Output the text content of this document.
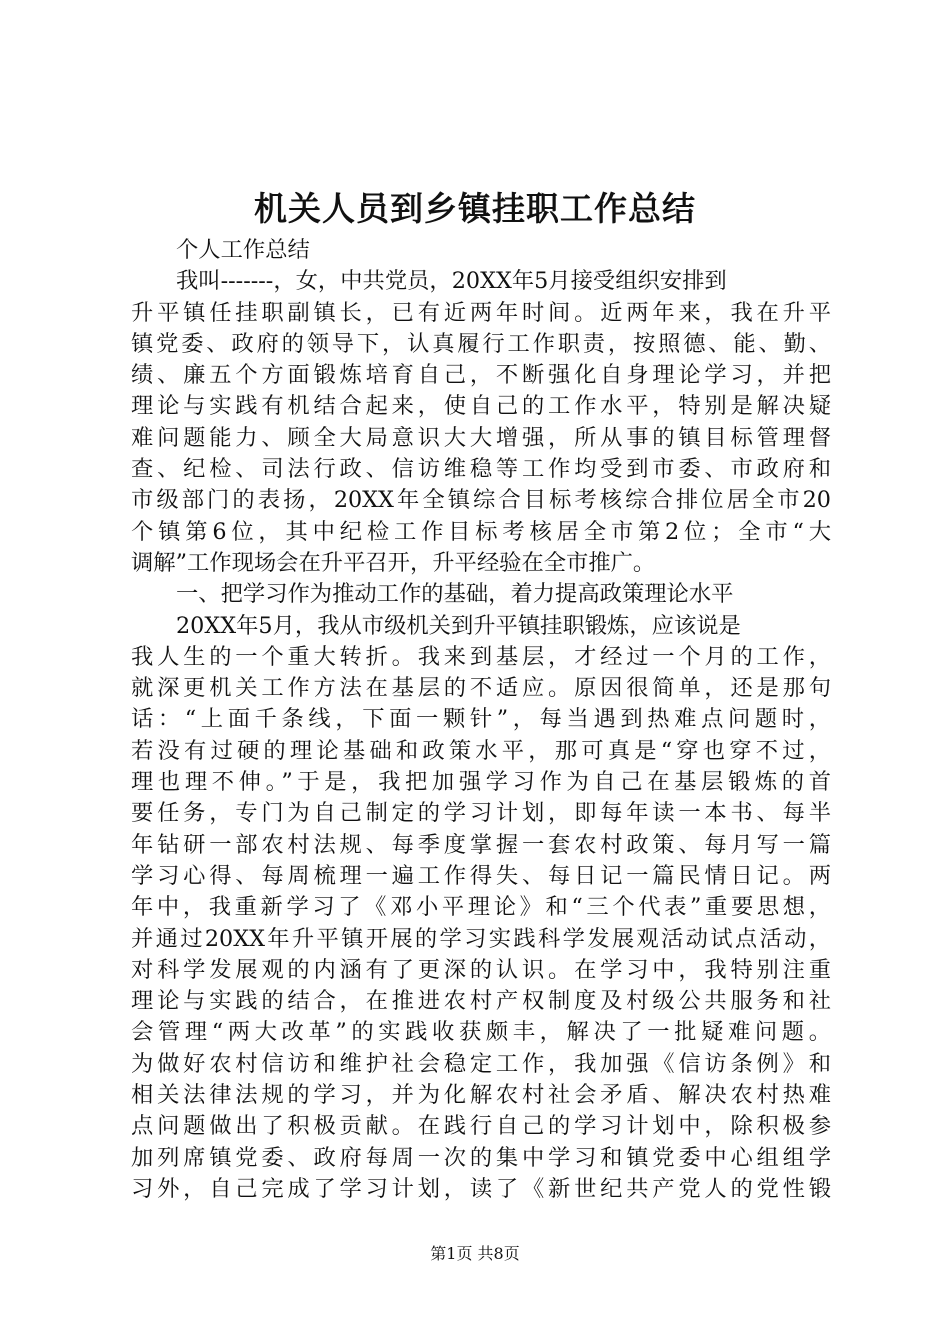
机关人员到乡镇挂职工作总结
个人工作总结
我叫-------，女，中共党员，20XX年5月接受组织安排到
升平镇任挂职副镇长，已有近两年时间。近两年来，我在升平
镇党委、政府的领导下，认真履行工作职责，按照德、能、勤、
绩、廉五个方面锻炼培育自己，不断强化自身理论学习，并把
理论与实践有机结合起来，使自己的工作水平，特别是解决疑
难问题能力、顾全大局意识大大增强，所从事的镇目标管理督
查、纪检、司法行政、信访维稳等工作均受到市委、市政府和
市级部门的表扬，20XX年全镇综合目标考核综合排位居全市20
个镇第6位，其中纪检工作目标考核居全市第2位；全市“大
调解”工作现场会在升平召开，升平经验在全市推广。
一、把学习作为推动工作的基础，着力提高政策理论水平
20XX年5月，我从市级机关到升平镇挂职锻炼，应该说是
我人生的一个重大转折。我来到基层，才经过一个月的工作，
就深更机关工作方法在基层的不适应。原因很简单，还是那句
话：“上面千条线，下面一颗针”，每当遇到热难点问题时，
若没有过硬的理论基础和政策水平，那可真是“穿也穿不过，
理也理不伸。”于是，我把加强学习作为自己在基层锻炼的首
要任务，专门为自己制定的学习计划，即每年读一本书、每半
年钻研一部农村法规、每季度掌握一套农村政策、每月写一篇
学习心得、每周梳理一遍工作得失、每日记一篇民情日记。两
年中，我重新学习了《邓小平理论》和“三个代表”重要思想，
并通过20XX年升平镇开展的学习实践科学发展观活动试点活动，
对科学发展观的内涵有了更深的认识。在学习中，我特别注重
理论与实践的结合，在推进农村产权制度及村级公共服务和社
会管理“两大改革”的实践收获颇丰，解决了一批疑难问题。
为做好农村信访和维护社会稳定工作，我加强《信访条例》和
相关法律法规的学习，并为化解农村社会矛盾、解决农村热难
点问题做出了积极贡献。在践行自己的学习计划中，除积极参
加列席镇党委、政府每周一次的集中学习和镇党委中心组组学
习外，自己完成了学习计划，读了《新世纪共产党人的党性锻
第1页 共8页
